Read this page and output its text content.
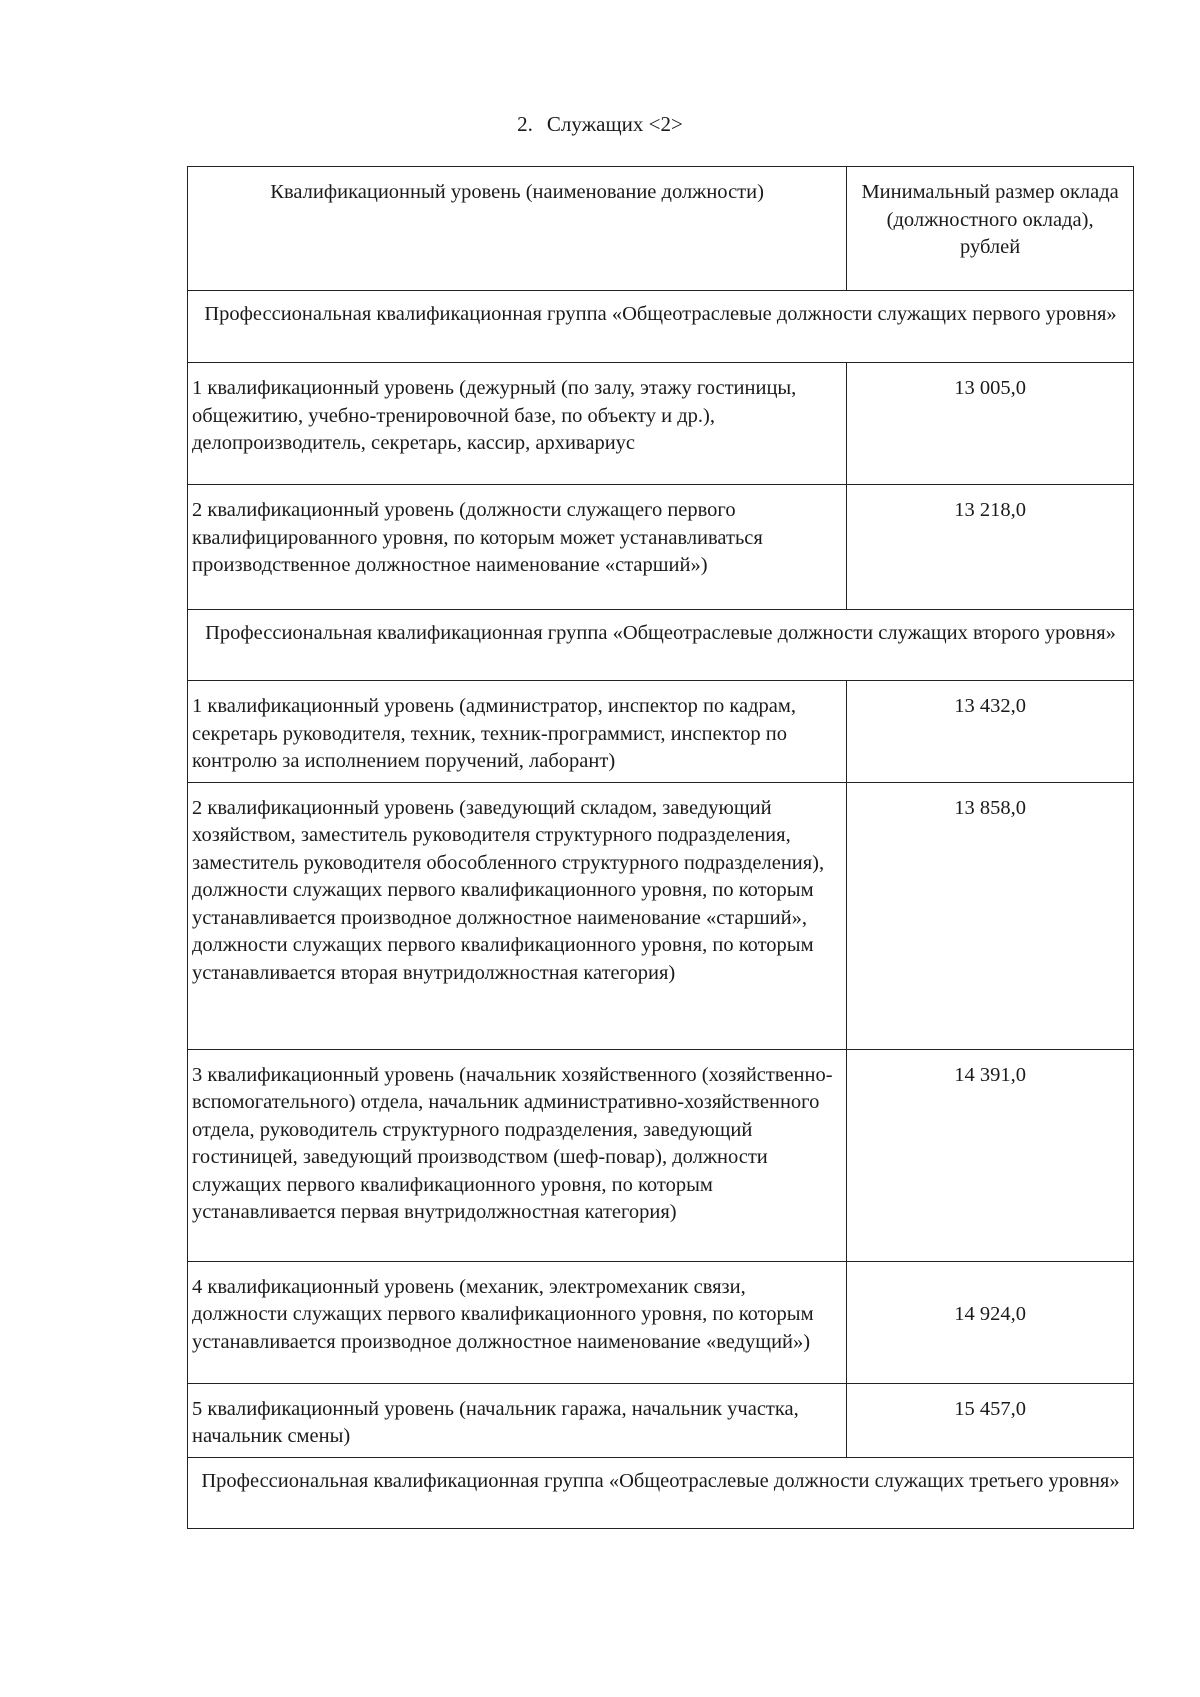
2. Служащих <2>
Квалификационный уровень (наименование должности)	Минимальный размер оклада (должностного оклада), рублей
Профессиональная квалификационная группа «Общеотраслевые должности служащих первого уровня»	
1 квалификационный уровень (дежурный (по залу, этажу гостиницы, общежитию, учебно-тренировочной базе, по объекту и др.), делопроизводитель, секретарь, кассир, архивариус	13 005,0
2 квалификационный уровень (должности служащего первого квалифицированного уровня, по которым может устанавливаться производственное должностное наименование «старший»)	13 218,0
Профессиональная квалификационная группа «Общеотраслевые должности служащих второго уровня»	
1 квалификационный уровень (администратор, инспектор по кадрам, секретарь руководителя, техник, техник-программист, инспектор по контролю за исполнением поручений, лаборант)	13 432,0
2 квалификационный уровень (заведующий складом, заведующий хозяйством, заместитель руководителя структурного подразделения, заместитель руководителя обособленного структурного подразделения), должности служащих первого квалификационного уровня, по которым устанавливается производное должностное наименование «старший», должности служащих первого квалификационного уровня, по которым устанавливается вторая внутридолжностная категория)	13 858,0
3 квалификационный уровень (начальник хозяйственного (хозяйственно-вспомогательного) отдела, начальник административно-хозяйственного отдела, руководитель структурного подразделения, заведующий гостиницей, заведующий производством (шеф-повар), должности служащих первого квалификационного уровня, по которым устанавливается первая внутридолжностная категория)	14 391,0
4 квалификационный уровень (механик, электромеханик связи, должности служащих первого квалификационного уровня, по которым устанавливается производное должностное наименование «ведущий»)	14 924,0
5 квалификационный уровень (начальник гаража, начальник участка, начальник смены)	15 457,0
Профессиональная квалификационная группа «Общеотраслевые должности служащих третьего уровня»	
